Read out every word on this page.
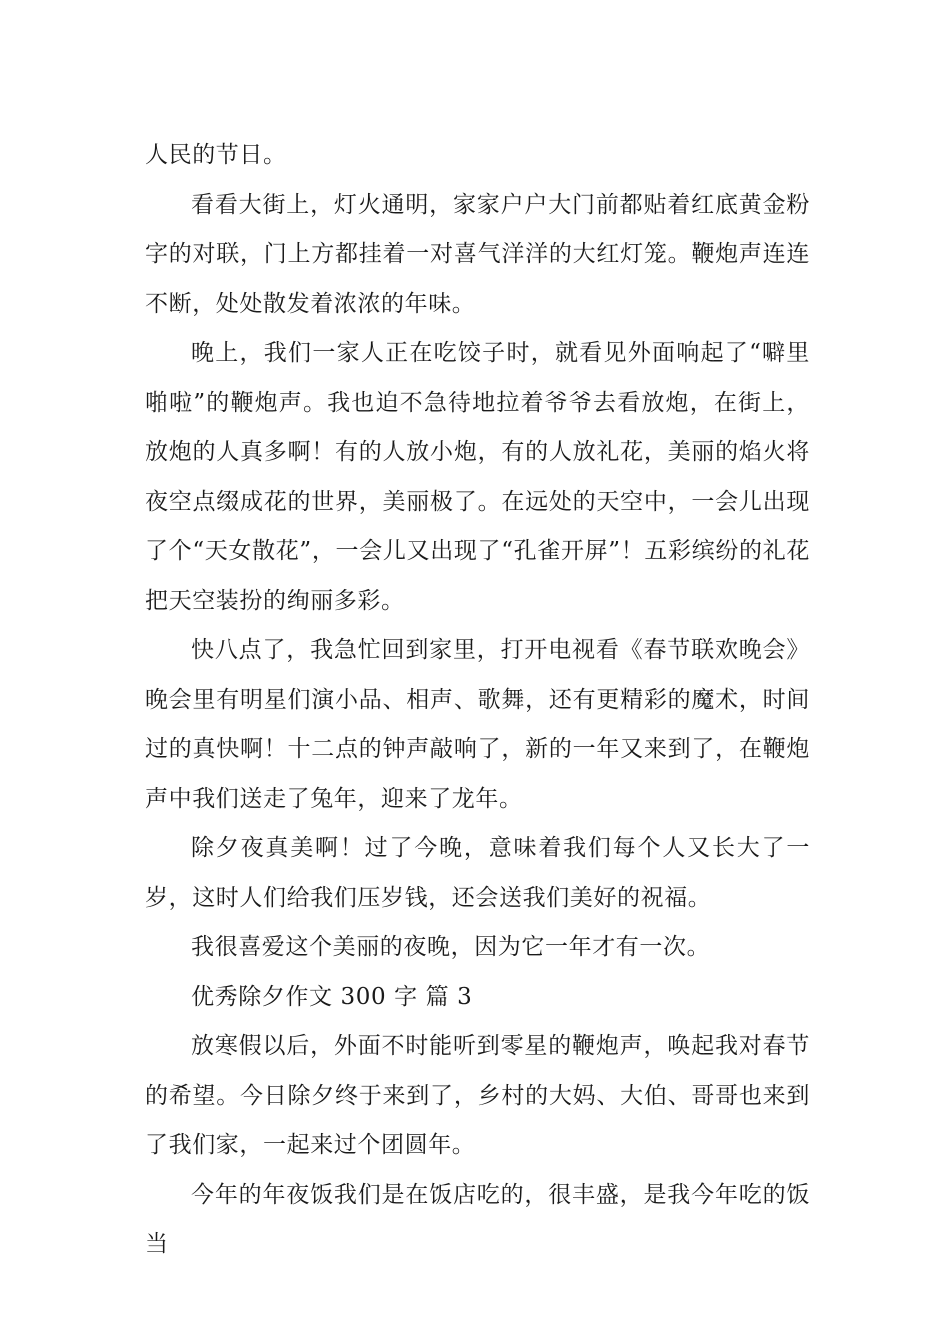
人民的节日。

看看大街上，灯火通明，家家户户大门前都贴着红底黄金粉字的对联，门上方都挂着一对喜气洋洋的大红灯笼。鞭炮声连连不断，处处散发着浓浓的年味。

晚上，我们一家人正在吃饺子时，就看见外面响起了“噼里啪啦”的鞭炮声。我也迫不急待地拉着爷爷去看放炮，在街上，放炮的人真多啊！有的人放小炮，有的人放礼花，美丽的焰火将夜空点缀成花的世界，美丽极了。在远处的天空中，一会儿出现了个“天女散花”，一会儿又出现了“孔雀开屏”！五彩缤纷的礼花把天空装扮的绚丽多彩。

快八点了，我急忙回到家里，打开电视看《春节联欢晚会》晚会里有明星们演小品、相声、歌舞，还有更精彩的魔术，时间过的真快啊！十二点的钟声敲响了，新的一年又来到了，在鞭炮声中我们送走了兔年，迎来了龙年。

除夕夜真美啊！过了今晚，意味着我们每个人又长大了一岁，这时人们给我们压岁钱，还会送我们美好的祝福。

我很喜爱这个美丽的夜晚，因为它一年才有一次。

优秀除夕作文 300 字 篇 3

放寒假以后，外面不时能听到零星的鞭炮声，唤起我对春节的希望。今日除夕终于来到了，乡村的大妈、大伯、哥哥也来到了我们家，一起来过个团圆年。

今年的年夜饭我们是在饭店吃的，很丰盛，是我今年吃的饭当
